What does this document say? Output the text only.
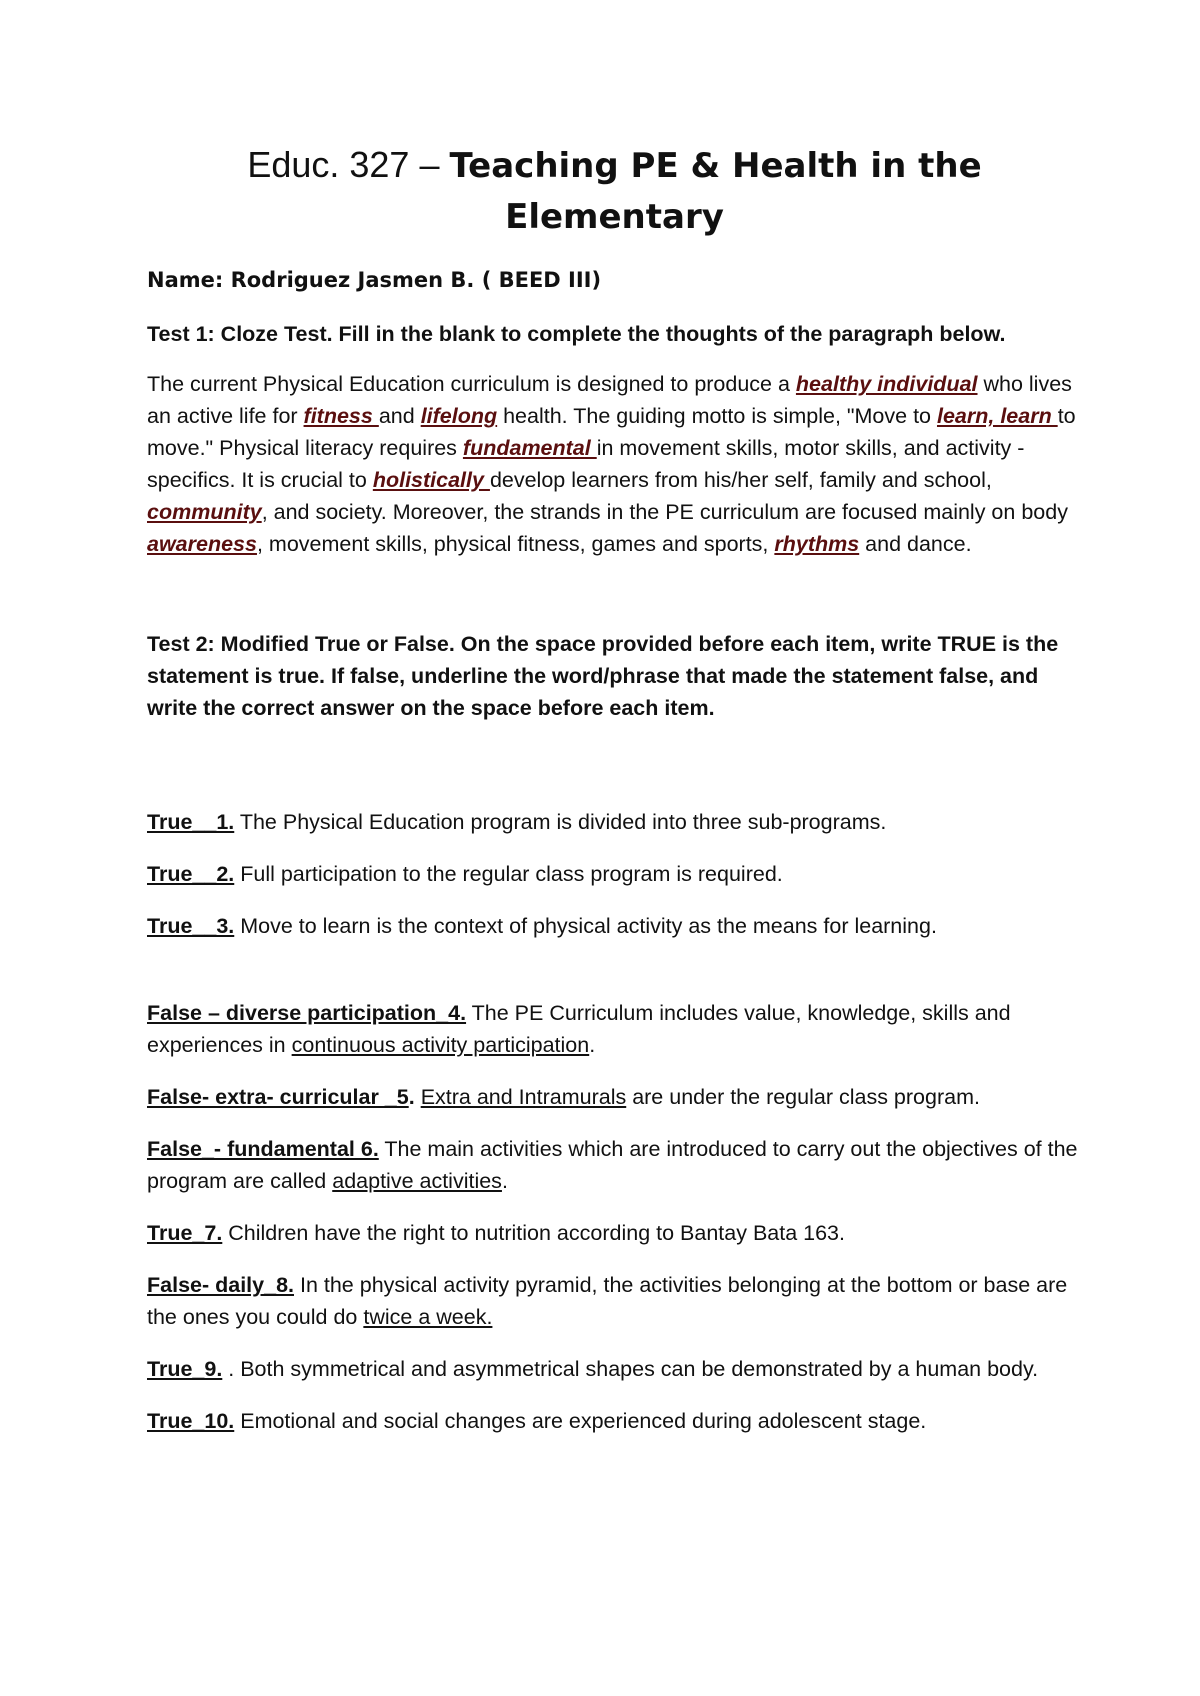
Educ. 327 – Teaching PE & Health in the Elementary

Name: Rodriguez Jasmen B. ( BEED III)

Test 1: Cloze Test. Fill in the blank to complete the thoughts of the paragraph below.

The current Physical Education curriculum is designed to produce a healthy individual who lives an active life for fitness and lifelong health. The guiding motto is simple, "Move to learn, learn to move." Physical literacy requires fundamental in movement skills, motor skills, and activity - specifics. It is crucial to holistically develop learners from his/her self, family and school, community, and society. Moreover, the strands in the PE curriculum are focused mainly on body awareness, movement skills, physical fitness, games and sports, rhythms and dance.

Test 2: Modified True or False. On the space provided before each item, write TRUE is the statement is true. If false, underline the word/phrase that made the statement false, and write the correct answer on the space before each item.

True__1. The Physical Education program is divided into three sub-programs.

True__2. Full participation to the regular class program is required.

True__3. Move to learn is the context of physical activity as the means for learning.

False – diverse participation_4. The PE Curriculum includes value, knowledge, skills and experiences in continuous activity participation.

False- extra- curricular _5. Extra and Intramurals are under the regular class program.

False_- fundamental 6. The main activities which are introduced to carry out the objectives of the program are called adaptive activities.

True_7. Children have the right to nutrition according to Bantay Bata 163.

False- daily_8. In the physical activity pyramid, the activities belonging at the bottom or base are the ones you could do twice a week.

True_9. . Both symmetrical and asymmetrical shapes can be demonstrated by a human body.

True_10. Emotional and social changes are experienced during adolescent stage.
